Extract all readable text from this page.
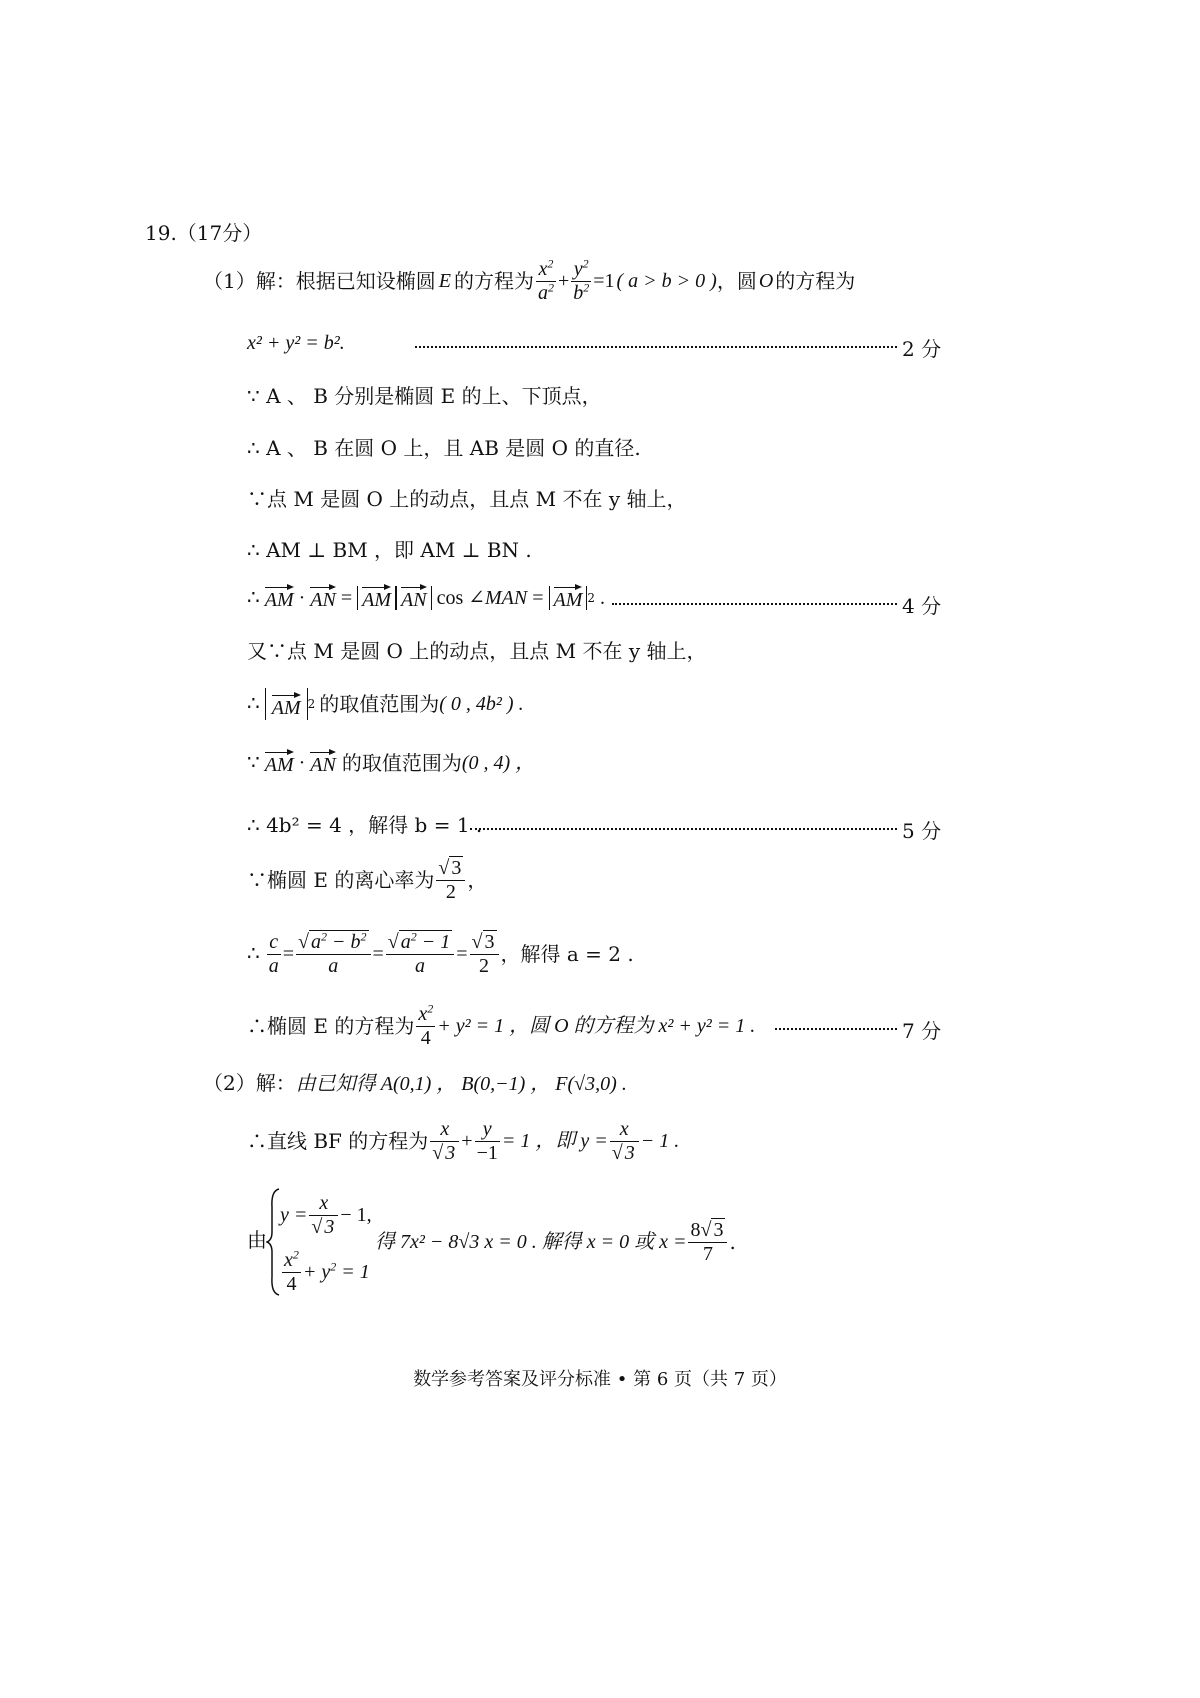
19.（17分）
（1）解： 根据已知设椭圆 E 的方程为 $\frac{x^2}{a^2} + \frac{y^2}{b^2} =1$ ( a > b > 0 ) ，圆 O 的方程为
x² + y² = b².	2 分
∵ A 、 B 分别是椭圆 E 的上、下顶点，
∴ A 、 B 在圆 O 上，且 AB 是圆 O 的直径.
∵点 M 是圆 O 上的动点，且点 M 不在 y 轴上，
∴ AM ⊥ BM ，即 AM ⊥ BN .
∴ AM · AN = AM AN cos ∠ MAN = AM 2 .	4 分
又∵点 M 是圆 O 上的动点，且点 M 不在 y 轴上，
∴ AM 2 的取值范围为 ( 0 , 4b² ) .
∵ AM · AN 的取值范围为 (0 , 4) ，
∴ 4b² = 4 ，解得 b = 1 .	5 分
∵椭圆 E 的离心率为 $\frac{√ 3}{2}$ ，
∴ $\frac{c}{a} = \frac{√ a^2 - b^2}{a} = \frac{√ a^2 - 1}{a} = \frac{√ 3}{2}$ ，解得 a = 2 .
∴椭圆 E 的方程为 $\frac{x^2}{4} + y^2 = 1$ ，圆 O 的方程为 x² + y² = 1 .	7 分
（2）解：由已知得 A(0,1) ， B(0,−1) ， F(√3,0) .
∴直线 BF 的方程为 $\frac{x}{√ 3} + \frac{y}{-1} = 1$ ，即 $y = \frac{x}{√ 3} - 1$ .
由
$y = \frac{x}{√ 3} - 1$,
$\frac{x^2}{4} + y^2 = 1$
得 7x² − 8√3 x = 0 . 解得 x = 0 或 $x = \frac{8√ 3}{7}$ .
数学参考答案及评分标准 • 第 6 页（共 7 页）
